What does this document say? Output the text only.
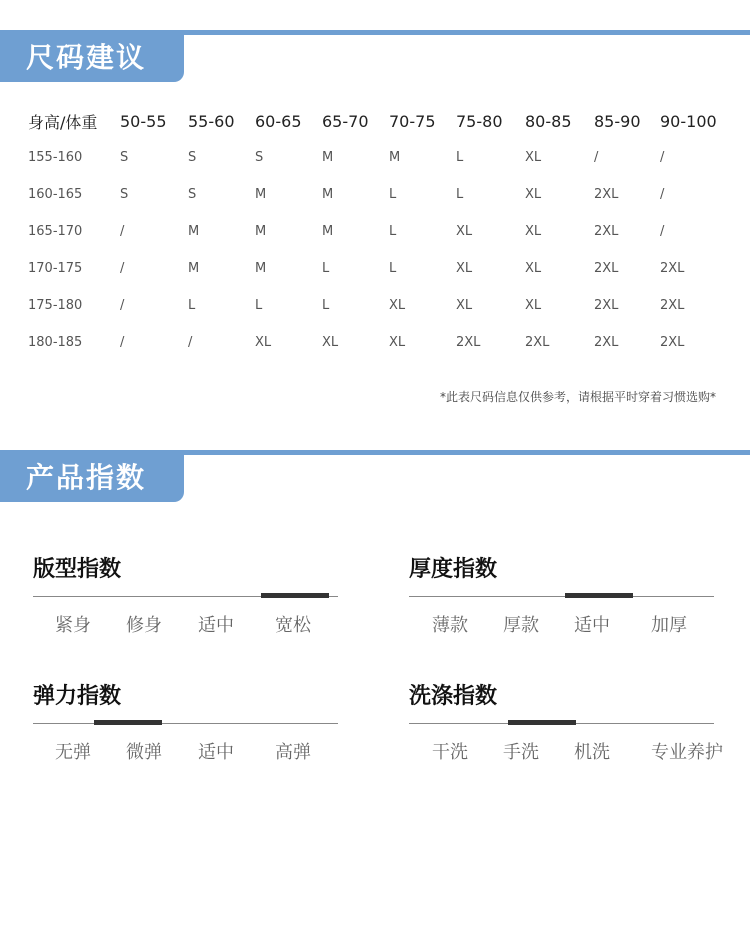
尺码建议
身高/体重	50-55	55-60	60-65	65-70	70-75	75-80	80-85	85-90	90-100
155-160	S	S	S	M	M	L	XL	/	/
160-165	S	S	M	M	L	L	XL	2XL	/
165-170	/	M	M	M	L	XL	XL	2XL	/
170-175	/	M	M	L	L	XL	XL	2XL	2XL
175-180	/	L	L	L	XL	XL	XL	2XL	2XL
180-185	/	/	XL	XL	XL	2XL	2XL	2XL	2XL
*此表尺码信息仅供参考，请根据平时穿着习惯选购*
产品指数
版型指数
紧身 修身 适中 宽松
厚度指数
薄款 厚款 适中 加厚
弹力指数
无弹 微弹 适中 高弹
洗涤指数
干洗 手洗 机洗 专业养护
